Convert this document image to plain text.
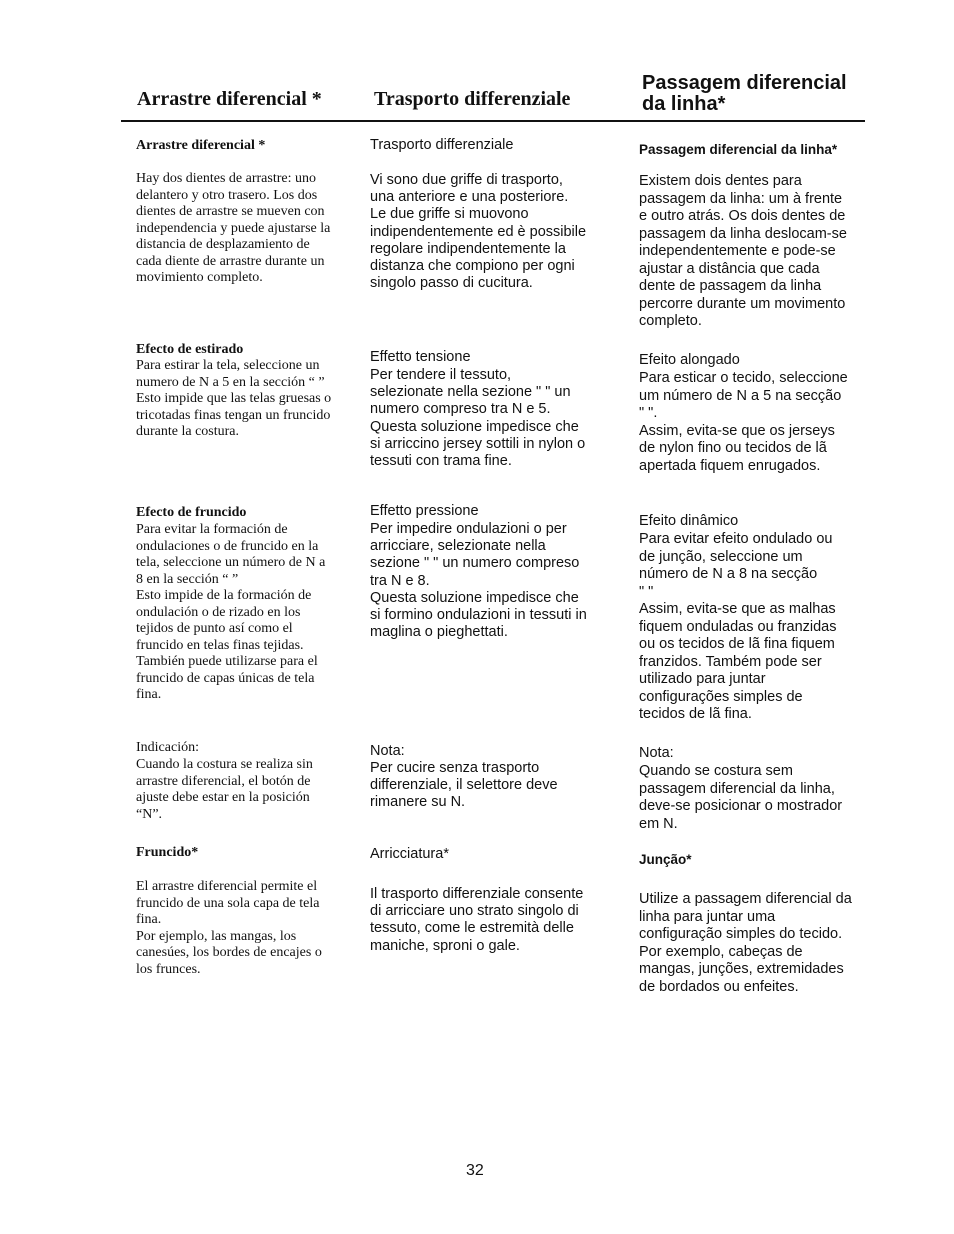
Arrastre diferencial *	Trasporto differenziale
Passagem diferencial da linha*
Arrastre diferencial *
Hay dos dientes de arrastre: uno
delantero y otro trasero. Los dos
dientes de arrastre se mueven con
independencia y puede ajustarse la
distancia de desplazamiento de
cada diente de arrastre durante un
movimiento completo.
Efecto de estirado
Para estirar la tela, seleccione un
numero de N a 5 en la sección “ ”
Esto impide que las telas gruesas o
tricotadas finas tengan un fruncido
durante la costura.
Efecto de fruncido
Para evitar la formación de
ondulaciones o de fruncido en la
tela, seleccione un número de N a
8 en la sección “ ”
Esto impide de la formación de
ondulación o de rizado en los
tejidos de punto así como el
fruncido en telas finas tejidas.
También puede utilizarse para el
fruncido de capas únicas de tela
fina.
Indicación:
Cuando la costura se realiza sin
arrastre diferencial, el botón de
ajuste debe estar en la posición
“N”.
Fruncido*
El arrastre diferencial permite el
fruncido de una sola capa de tela
fina.
Por ejemplo, las mangas, los
canesúes, los bordes de encajes o
los frunces.
Trasporto differenziale
Vi sono due griffe di trasporto,
una anteriore e una posteriore.
Le due griffe si muovono
indipendentemente ed è possibile
regolare indipendentemente la
distanza che compiono per ogni
singolo passo di cucitura.
Effetto tensione
Per tendere il tessuto,
selezionate nella sezione " " un
numero compreso tra N e 5.
Questa soluzione impedisce che
si arriccino jersey sottili in nylon o
tessuti con trama fine.
Effetto pressione
Per impedire ondulazioni o per
arricciare, selezionate nella
sezione " " un numero compreso
tra N e 8.
Questa soluzione impedisce che
si formino ondulazioni in tessuti in
maglina o pieghettati.
Nota:
Per cucire senza trasporto
differenziale, il selettore deve
rimanere su N.
Arricciatura*
Il trasporto differenziale consente
di arricciare uno strato singolo di
tessuto, come le estremità delle
maniche, sproni o gale.
Passagem diferencial da linha*
Existem dois dentes para
passagem da linha: um à frente
e outro atrás. Os dois dentes de
passagem da linha deslocam-se
independentemente e pode-se
ajustar a distância que cada
dente de passagem da linha
percorre durante um movimento
completo.
Efeito alongado
Para esticar o tecido, seleccione
um número de N a 5 na secção
" ".
Assim, evita-se que os jerseys
de nylon fino ou tecidos de lã
apertada fiquem enrugados.
Efeito dinâmico
Para evitar efeito ondulado ou
de junção, seleccione um
número de N a 8 na secção
" "
Assim, evita-se que as malhas
fiquem onduladas ou franzidas
ou os tecidos de lã fina fiquem
franzidos. Também pode ser
utilizado para juntar
configurações simples de
tecidos de lã fina.
Nota:
Quando se costura sem
passagem diferencial da linha,
deve-se posicionar o mostrador
em N.
Junção*
Utilize a passagem diferencial da
linha para juntar uma
configuração simples do tecido.
Por exemplo, cabeças de
mangas, junções, extremidades
de bordados ou enfeites.
32
